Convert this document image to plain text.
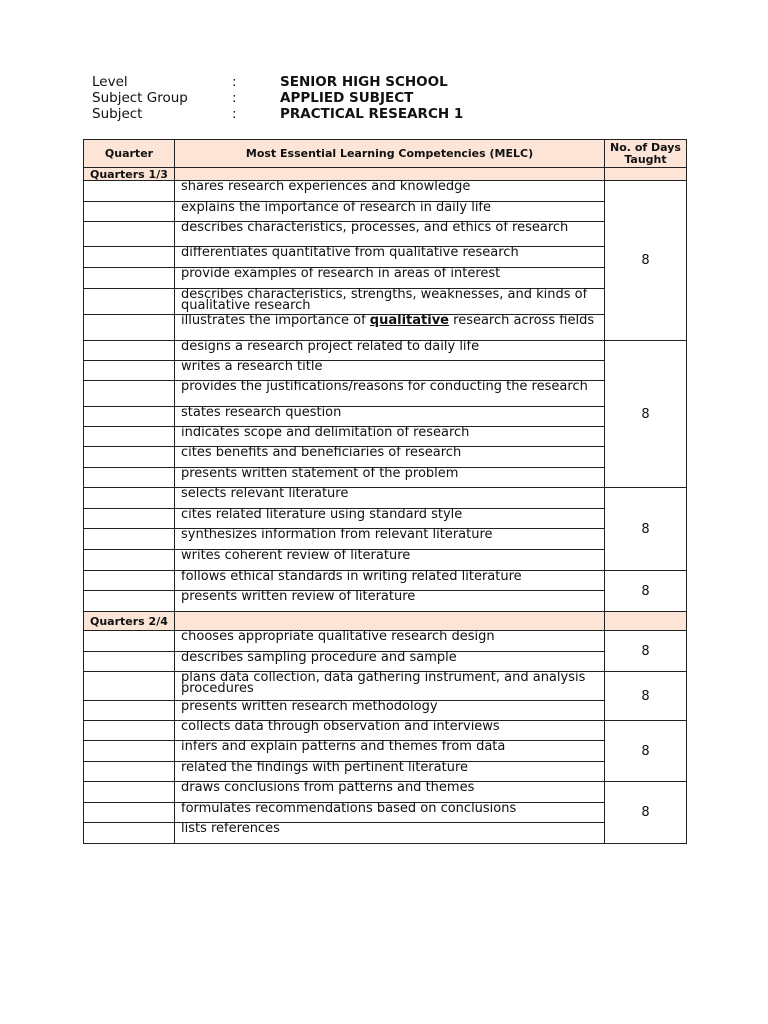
Level	:	SENIOR HIGH SCHOOL
Subject Group	:	APPLIED SUBJECT
Subject	:	PRACTICAL RESEARCH 1
Quarter	Most Essential Learning Competencies (MELC)	No. of Days Taught
Quarters 1/3		
	shares research experiences and knowledge	8
	explains the importance of research in daily life	
	describes characteristics, processes, and ethics of research	
	differentiates quantitative from qualitative research	
	provide examples of research in areas of interest	
	describes characteristics, strengths, weaknesses, and kinds of qualitative research	
	illustrates the importance of qualitative research across fields	
	designs a research project related to daily life	8
	writes a research title	
	provides the justifications/reasons for conducting the research	
	states research question	
	indicates scope and delimitation of research	
	cites benefits and beneficiaries of research	
	presents written statement of the problem	
	selects relevant literature	8
	cites related literature using standard style	
	synthesizes information from relevant literature	
	writes coherent review of literature	
	follows ethical standards in writing related literature	8
	presents written review of literature	
Quarters 2/4		
	chooses appropriate qualitative research design	8
	describes sampling procedure and sample	
	plans data collection, data gathering instrument, and analysis procedures	8
	presents written research methodology	
	collects data through observation and interviews	8
	infers and explain patterns and themes from data	
	related the findings with pertinent literature	
	draws conclusions from patterns and themes	8
	formulates recommendations based on conclusions	
	lists references	
